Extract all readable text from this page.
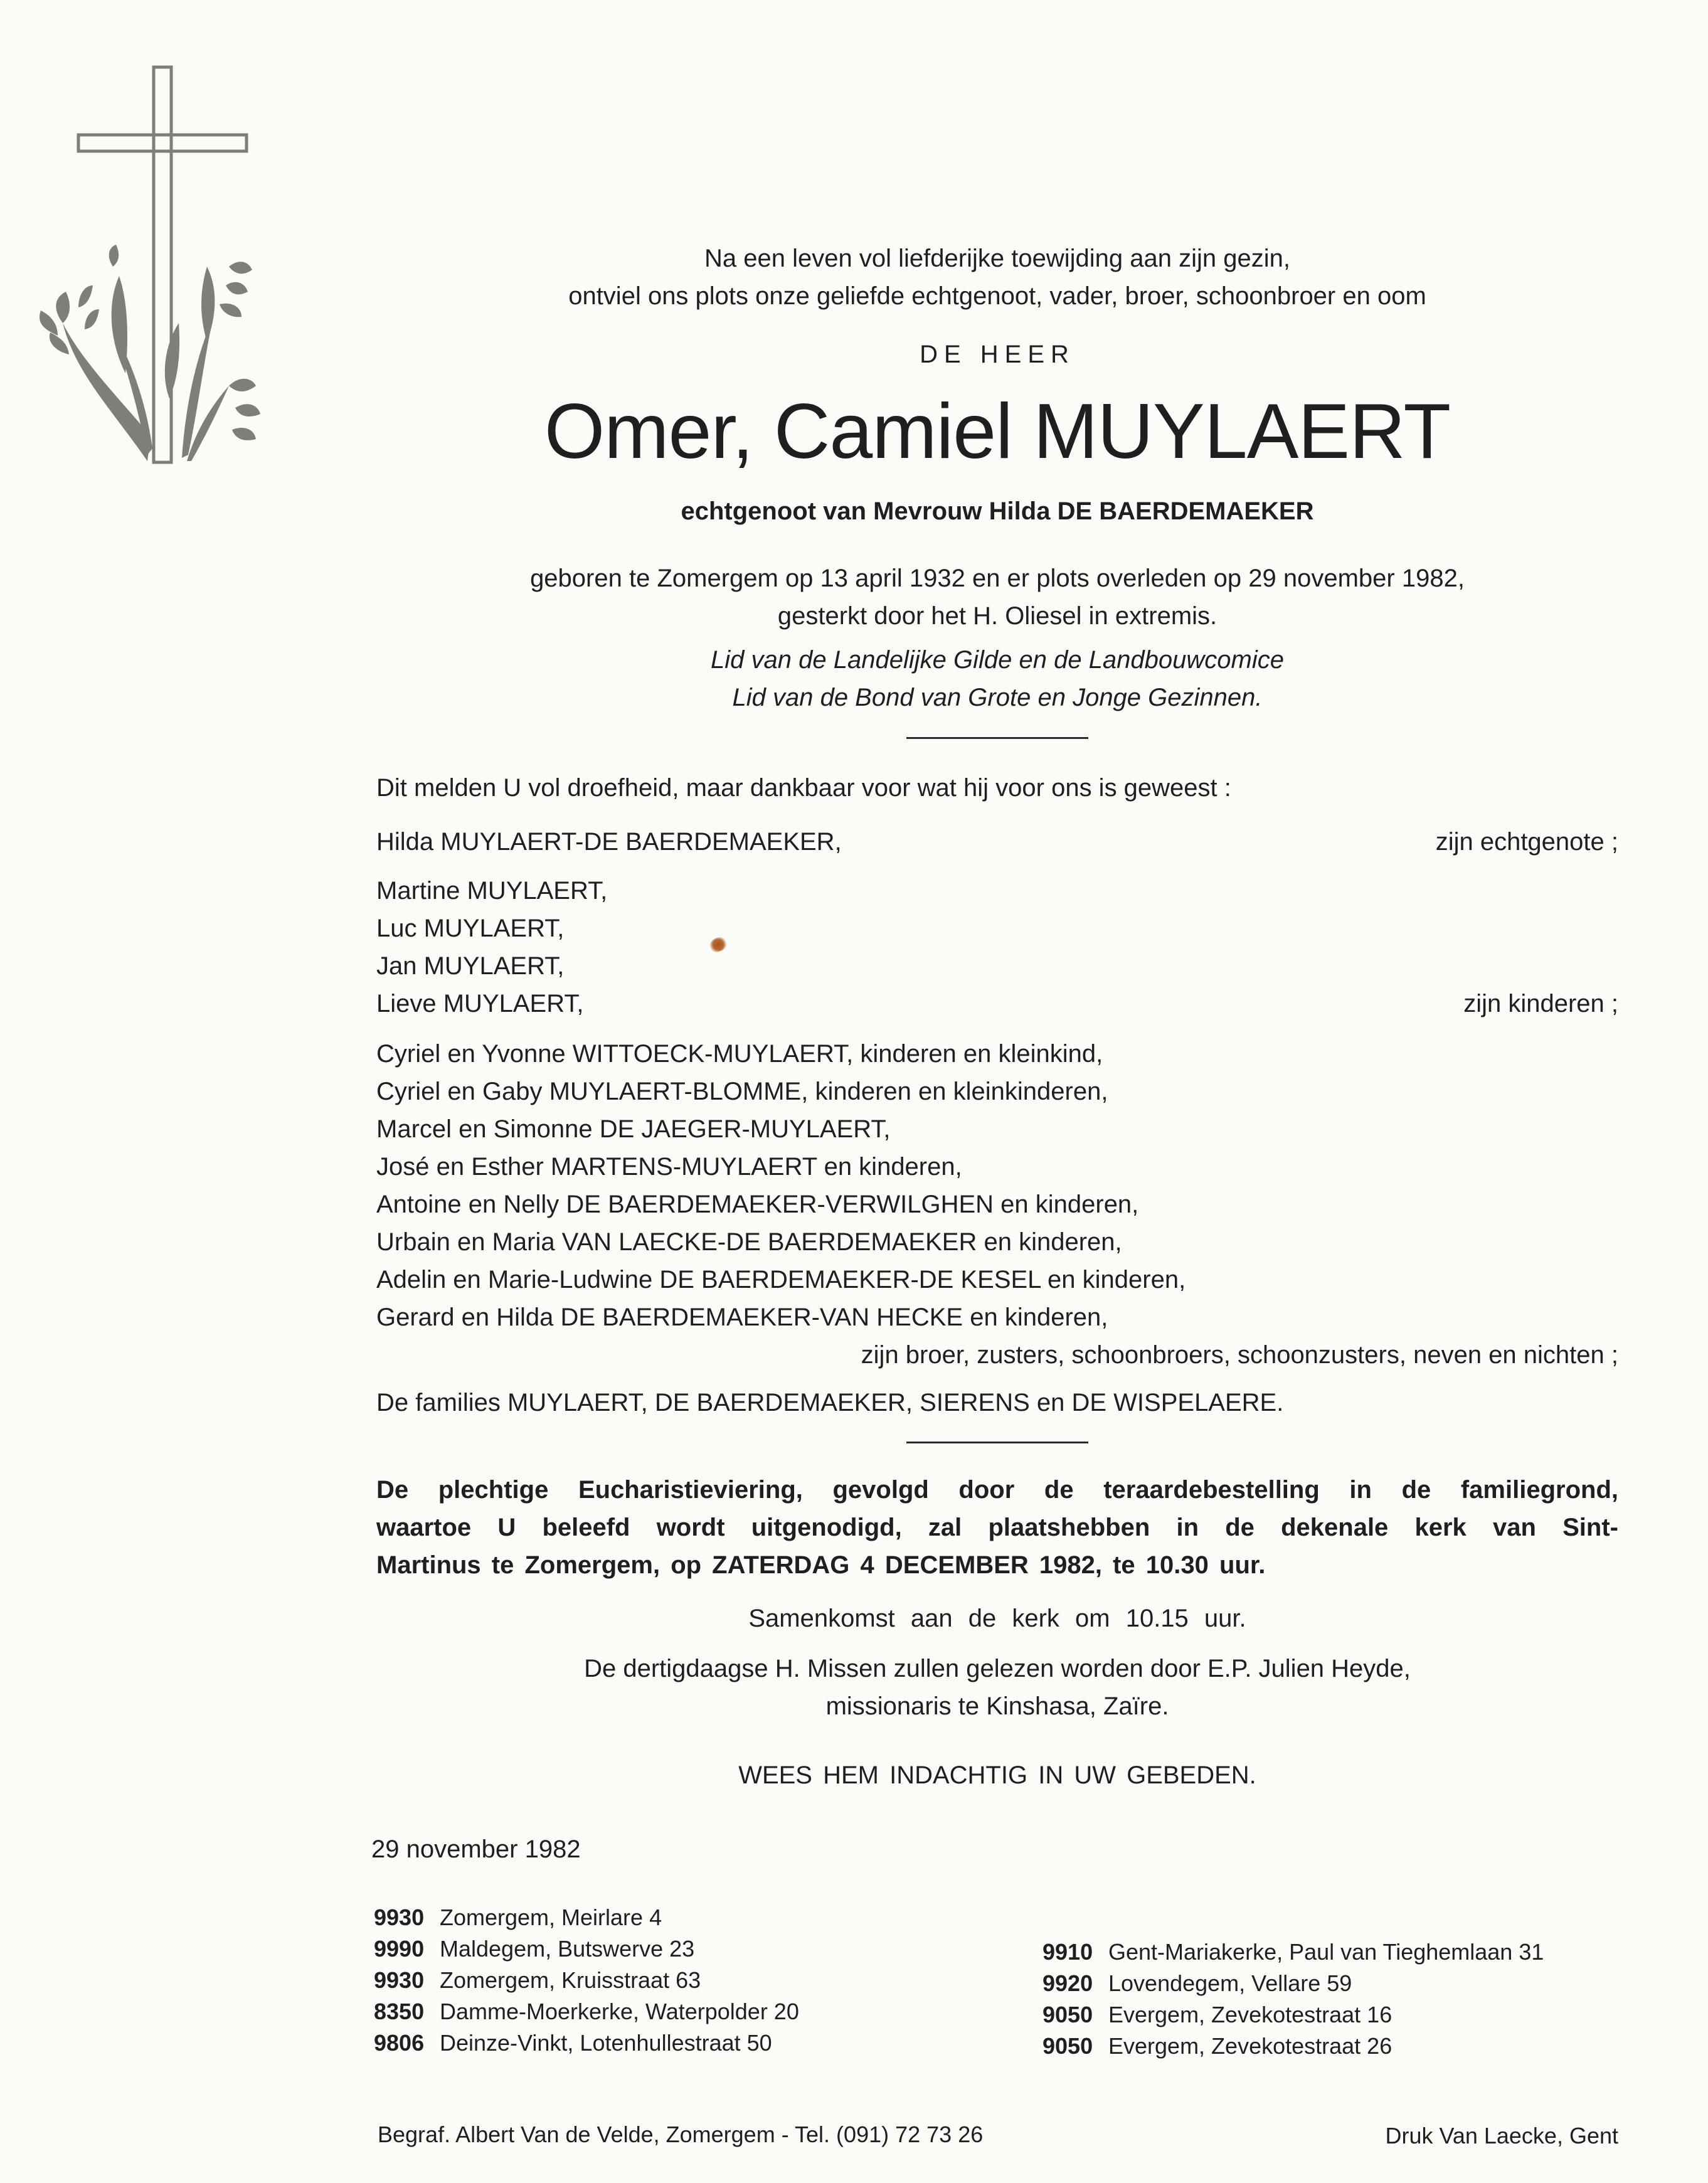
Na een leven vol liefderijke toewijding aan zijn gezin,
ontviel ons plots onze geliefde echtgenoot, vader, broer, schoonbroer en oom
DE HEER
Omer, Camiel MUYLAERT
echtgenoot van Mevrouw Hilda DE BAERDEMAEKER
geboren te Zomergem op 13 april 1932 en er plots overleden op 29 november 1982,
gesterkt door het H. Oliesel in extremis.
Lid van de Landelijke Gilde en de Landbouwcomice
Lid van de Bond van Grote en Jonge Gezinnen.
Dit melden U vol droefheid, maar dankbaar voor wat hij voor ons is geweest :
Hilda MUYLAERT-DE BAERDEMAEKER,	zijn echtgenote ;
Martine MUYLAERT,
Luc MUYLAERT,
Jan MUYLAERT,
Lieve MUYLAERT,	zijn kinderen ;
Cyriel en Yvonne WITTOECK-MUYLAERT, kinderen en kleinkind,
Cyriel en Gaby MUYLAERT-BLOMME, kinderen en kleinkinderen,
Marcel en Simonne DE JAEGER-MUYLAERT,
José en Esther MARTENS-MUYLAERT en kinderen,
Antoine en Nelly DE BAERDEMAEKER-VERWILGHEN en kinderen,
Urbain en Maria VAN LAECKE-DE BAERDEMAEKER en kinderen,
Adelin en Marie-Ludwine DE BAERDEMAEKER-DE KESEL en kinderen,
Gerard en Hilda DE BAERDEMAEKER-VAN HECKE en kinderen,
zijn broer, zusters, schoonbroers, schoonzusters, neven en nichten ;
De families MUYLAERT, DE BAERDEMAEKER, SIERENS en DE WISPELAERE.
De plechtige Eucharistieviering, gevolgd door de teraardebestelling in de familiegrond,
waartoe U beleefd wordt uitgenodigd, zal plaatshebben in de dekenale kerk van Sint-
Martinus te Zomergem, op ZATERDAG 4 DECEMBER 1982, te 10.30 uur.
Samenkomst aan de kerk om 10.15 uur.
De dertigdaagse H. Missen zullen gelezen worden door E.P. Julien Heyde,
missionaris te Kinshasa, Zaïre.
WEES HEM INDACHTIG IN UW GEBEDEN.
29 november 1982
9930 Zomergem, Meirlare 4
9990 Maldegem, Butswerve 23
9930 Zomergem, Kruisstraat 63
8350 Damme-Moerkerke, Waterpolder 20
9806 Deinze-Vinkt, Lotenhullestraat 50
9910 Gent-Mariakerke, Paul van Tieghemlaan 31
9920 Lovendegem, Vellare 59
9050 Evergem, Zevekotestraat 16
9050 Evergem, Zevekotestraat 26
Begraf. Albert Van de Velde, Zomergem - Tel. (091) 72 73 26	Druk Van Laecke, Gent
